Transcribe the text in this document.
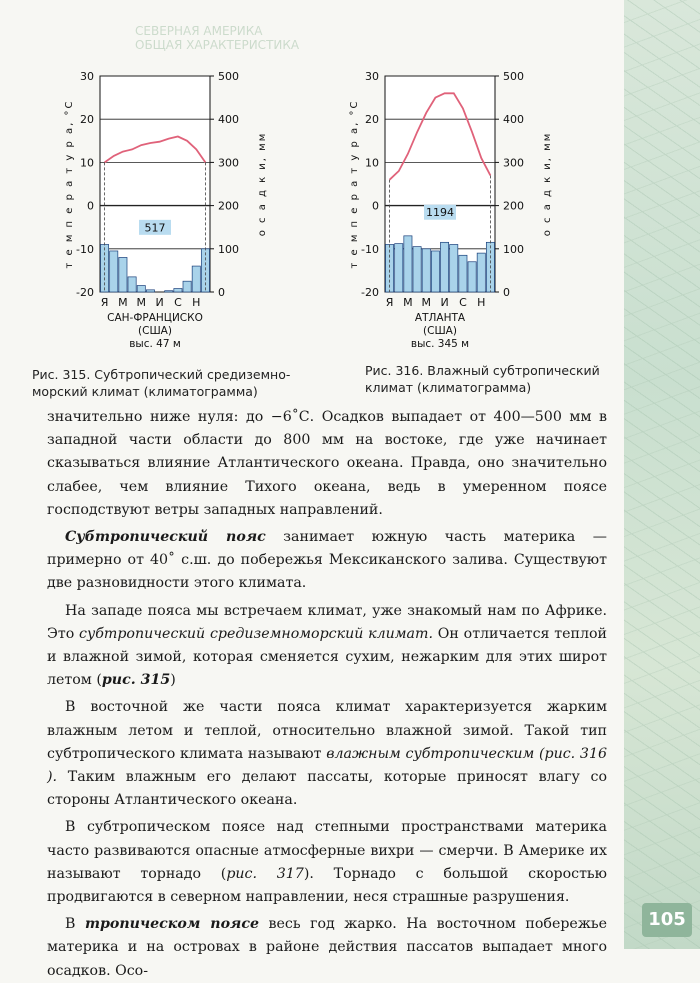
СЕВЕРНАЯ АМЕРИКА
ОБЩАЯ ХАРАКТЕРИСТИКА
30
20
10
0
-10
-20
500
400
300
200
100
0
517
Я М М И С Н
т е м п е р а т у р а, °С	о с а д к и, мм
САН-ФРАНЦИСКО
(США)
выс. 47 м
30
20
10
0
-10
-20
500
400
300
200
100
0
1194
Я М М И С Н
т е м п е р а т у р а, °С	о с а д к и, мм
АТЛАНТА
(США)
выс. 345 м
Рис. 315. Субтропический средиземно-
морский климат (климатограмма)
Рис. 316. Влажный субтропический
климат (климатограмма)

значительно ниже нуля: до −6˚С. Осадков выпадает от 400—500 мм в западной части области до 800 мм на востоке, где уже начинает сказываться влияние Атлантического океана. Правда, оно значительно слабее, чем влияние Тихого океана, ведь в умеренном поясе господствуют ветры западных направлений.

Субтропический пояс занимает южную часть материка — примерно от 40˚ с.ш. до побережья Мексиканского залива. Существуют две разновидности этого климата.

На западе пояса мы встречаем климат, уже знакомый нам по Африке. Это субтропический средиземноморский климат. Он отличается теплой и влажной зимой, которая сменяется сухим, нежарким для этих широт летом (рис. 315)

В восточной же части пояса климат характеризуется жарким влажным летом и теплой, относительно влажной зимой. Такой тип субтропического климата называют влажным субтропическим (рис. 316 ). Таким влажным его делают пассаты, которые приносят влагу со стороны Атлантического океана.

В субтропическом поясе над степными пространствами материка часто развиваются опасные атмосферные вихри — смерчи. В Америке их называют торнадо (рис. 317). Торнадо с большой скоростью продвигаются в северном направлении, неся страшные разрушения.

В тропическом поясе весь год жарко. На восточном побережье материка и на островах в районе действия пассатов выпадает много осадков. Осо-

105
